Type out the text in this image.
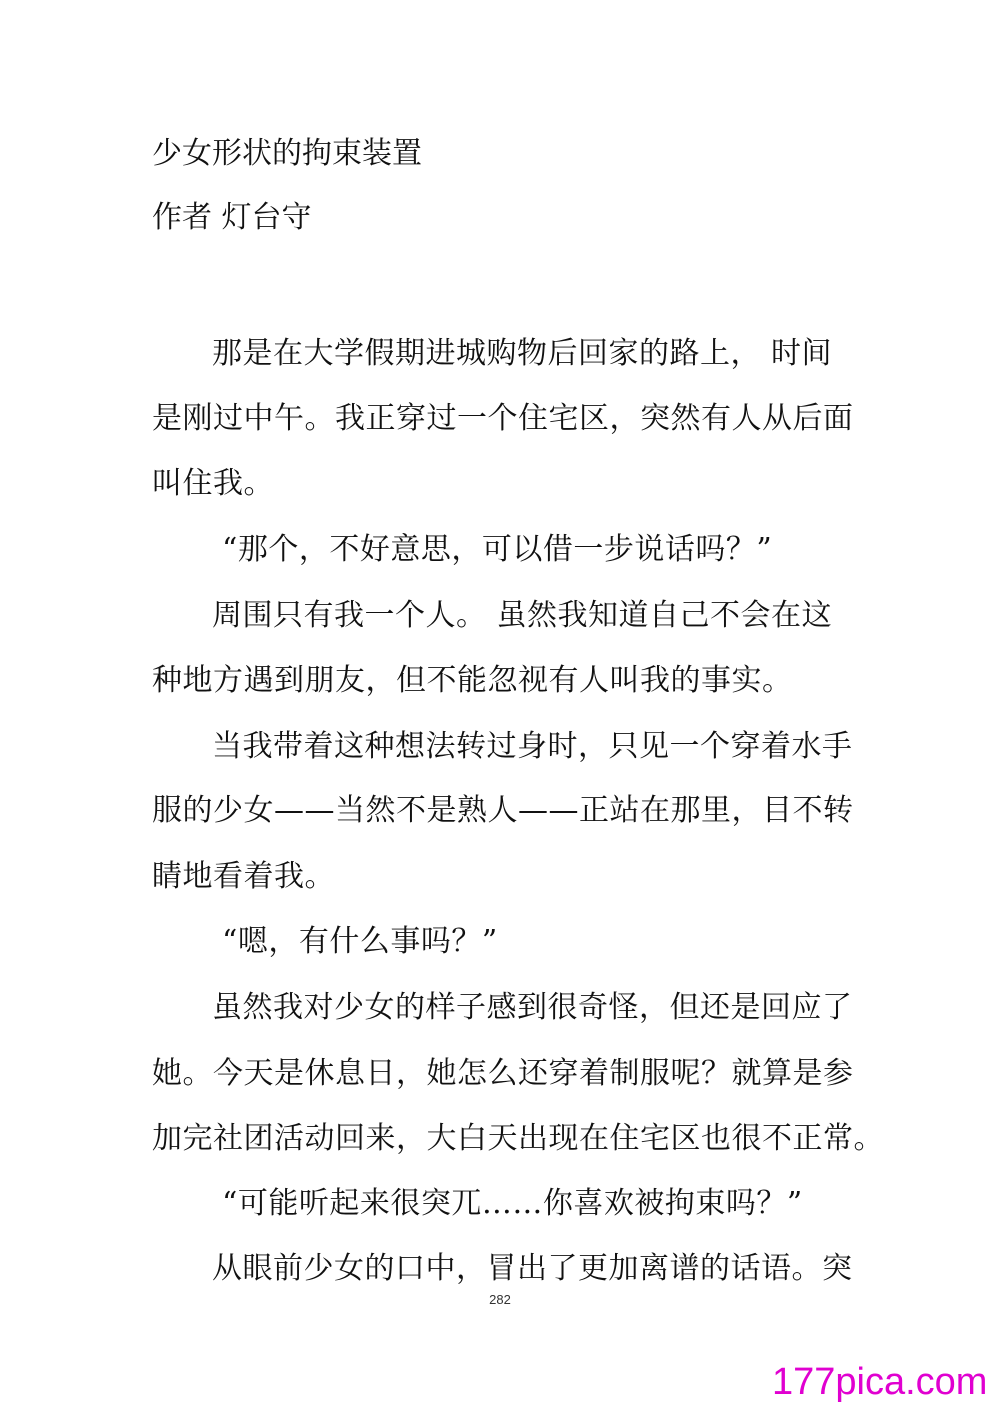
少女形状的拘束装置
作者 灯台守
那是在大学假期进城购物后回家的路上， 时间
是刚过中午。我正穿过一个住宅区，突然有人从后面
叫住我。
“那个，不好意思，可以借一步说话吗？”
周围只有我一个人。 虽然我知道自己不会在这
种地方遇到朋友，但不能忽视有人叫我的事实。
当我带着这种想法转过身时，只见一个穿着水手
服的少女——当然不是熟人——正站在那里，目不转
睛地看着我。
“嗯，有什么事吗？”
虽然我对少女的样子感到很奇怪，但还是回应了
她。今天是休息日，她怎么还穿着制服呢？就算是参
加完社团活动回来，大白天出现在住宅区也很不正常。
“可能听起来很突兀……你喜欢被拘束吗？”
从眼前少女的口中，冒出了更加离谱的话语。突
282
177pica.com
